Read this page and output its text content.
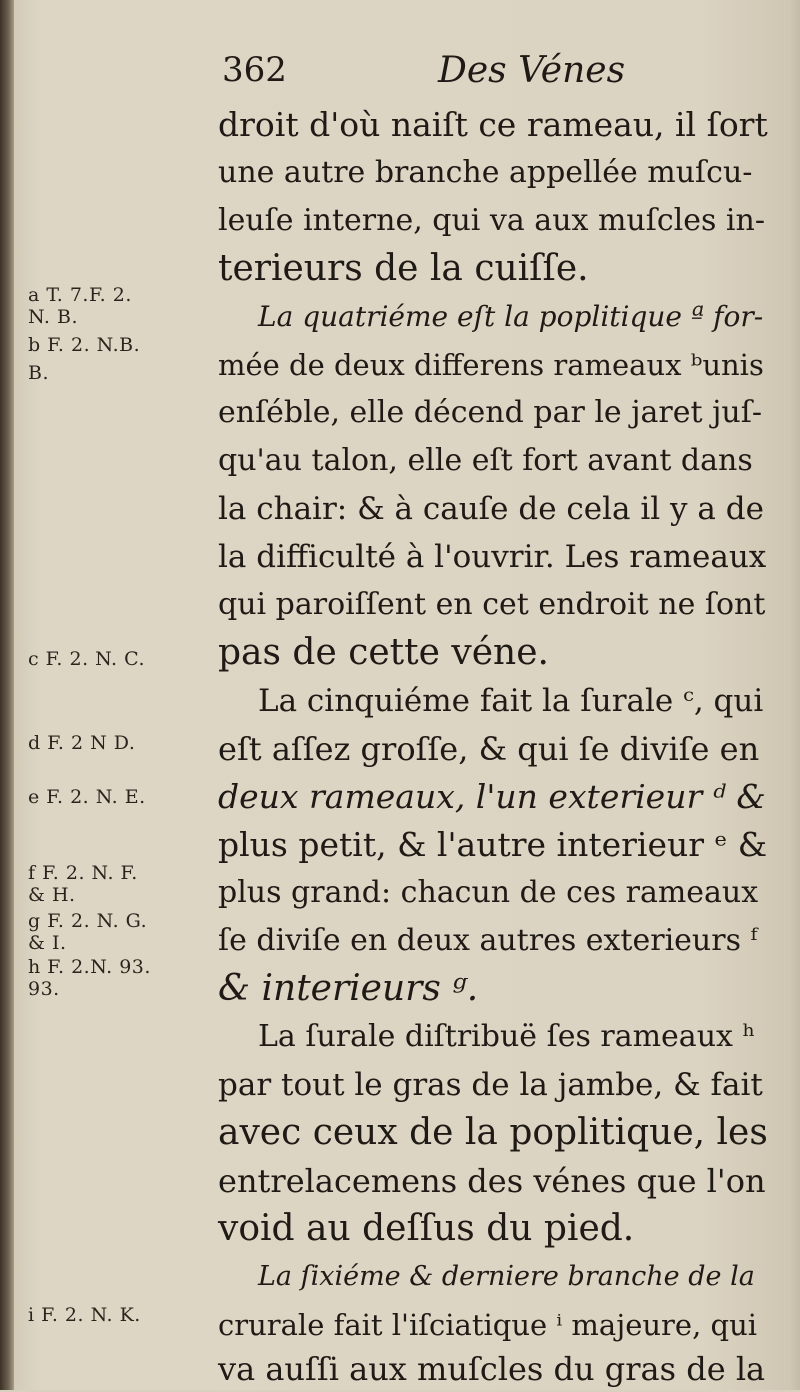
362	Des Vénes
droit d'où naiſt ce rameau, il ſort
une autre branche appellée muſcu-
leuſe interne, qui va aux muſcles in-
terieurs de la cuiſſe.
La quatriéme eſt la poplitique ª for-
mée de deux differens rameaux ᵇunis
enſéble, elle décend par le jaret juſ-
qu'au talon, elle eſt fort avant dans
la chair: & à cauſe de cela il y a de
la difficulté à l'ouvrir. Les rameaux
qui paroiſſent en cet endroit ne ſont
pas de cette véne.
La cinquiéme fait la ſurale ᶜ, qui
eſt aſſez groſſe, & qui ſe diviſe en
deux rameaux, l'un exterieur ᵈ &
plus petit, & l'autre interieur ᵉ &
plus grand: chacun de ces rameaux
ſe diviſe en deux autres exterieurs ᶠ
& interieurs ᵍ.
La ſurale diſtribuë ſes rameaux ʰ
par tout le gras de la jambe, & fait
avec ceux de la poplitique, les
entrelacemens des vénes que l'on
void au deſſus du pied.
La ſixiéme & derniere branche de la
crurale fait l'iſciatique ⁱ majeure, qui
va auſſi aux muſcles du gras de la
a T. 7.F. 2.
N. B.
b F. 2. N.B.
B.
c F. 2. N. C.
d F. 2 N D.
e F. 2. N. E.
f F. 2. N. F.
& H.
g F. 2. N. G.
& I.
h F. 2.N. 93.
93.
i F. 2. N. K.
